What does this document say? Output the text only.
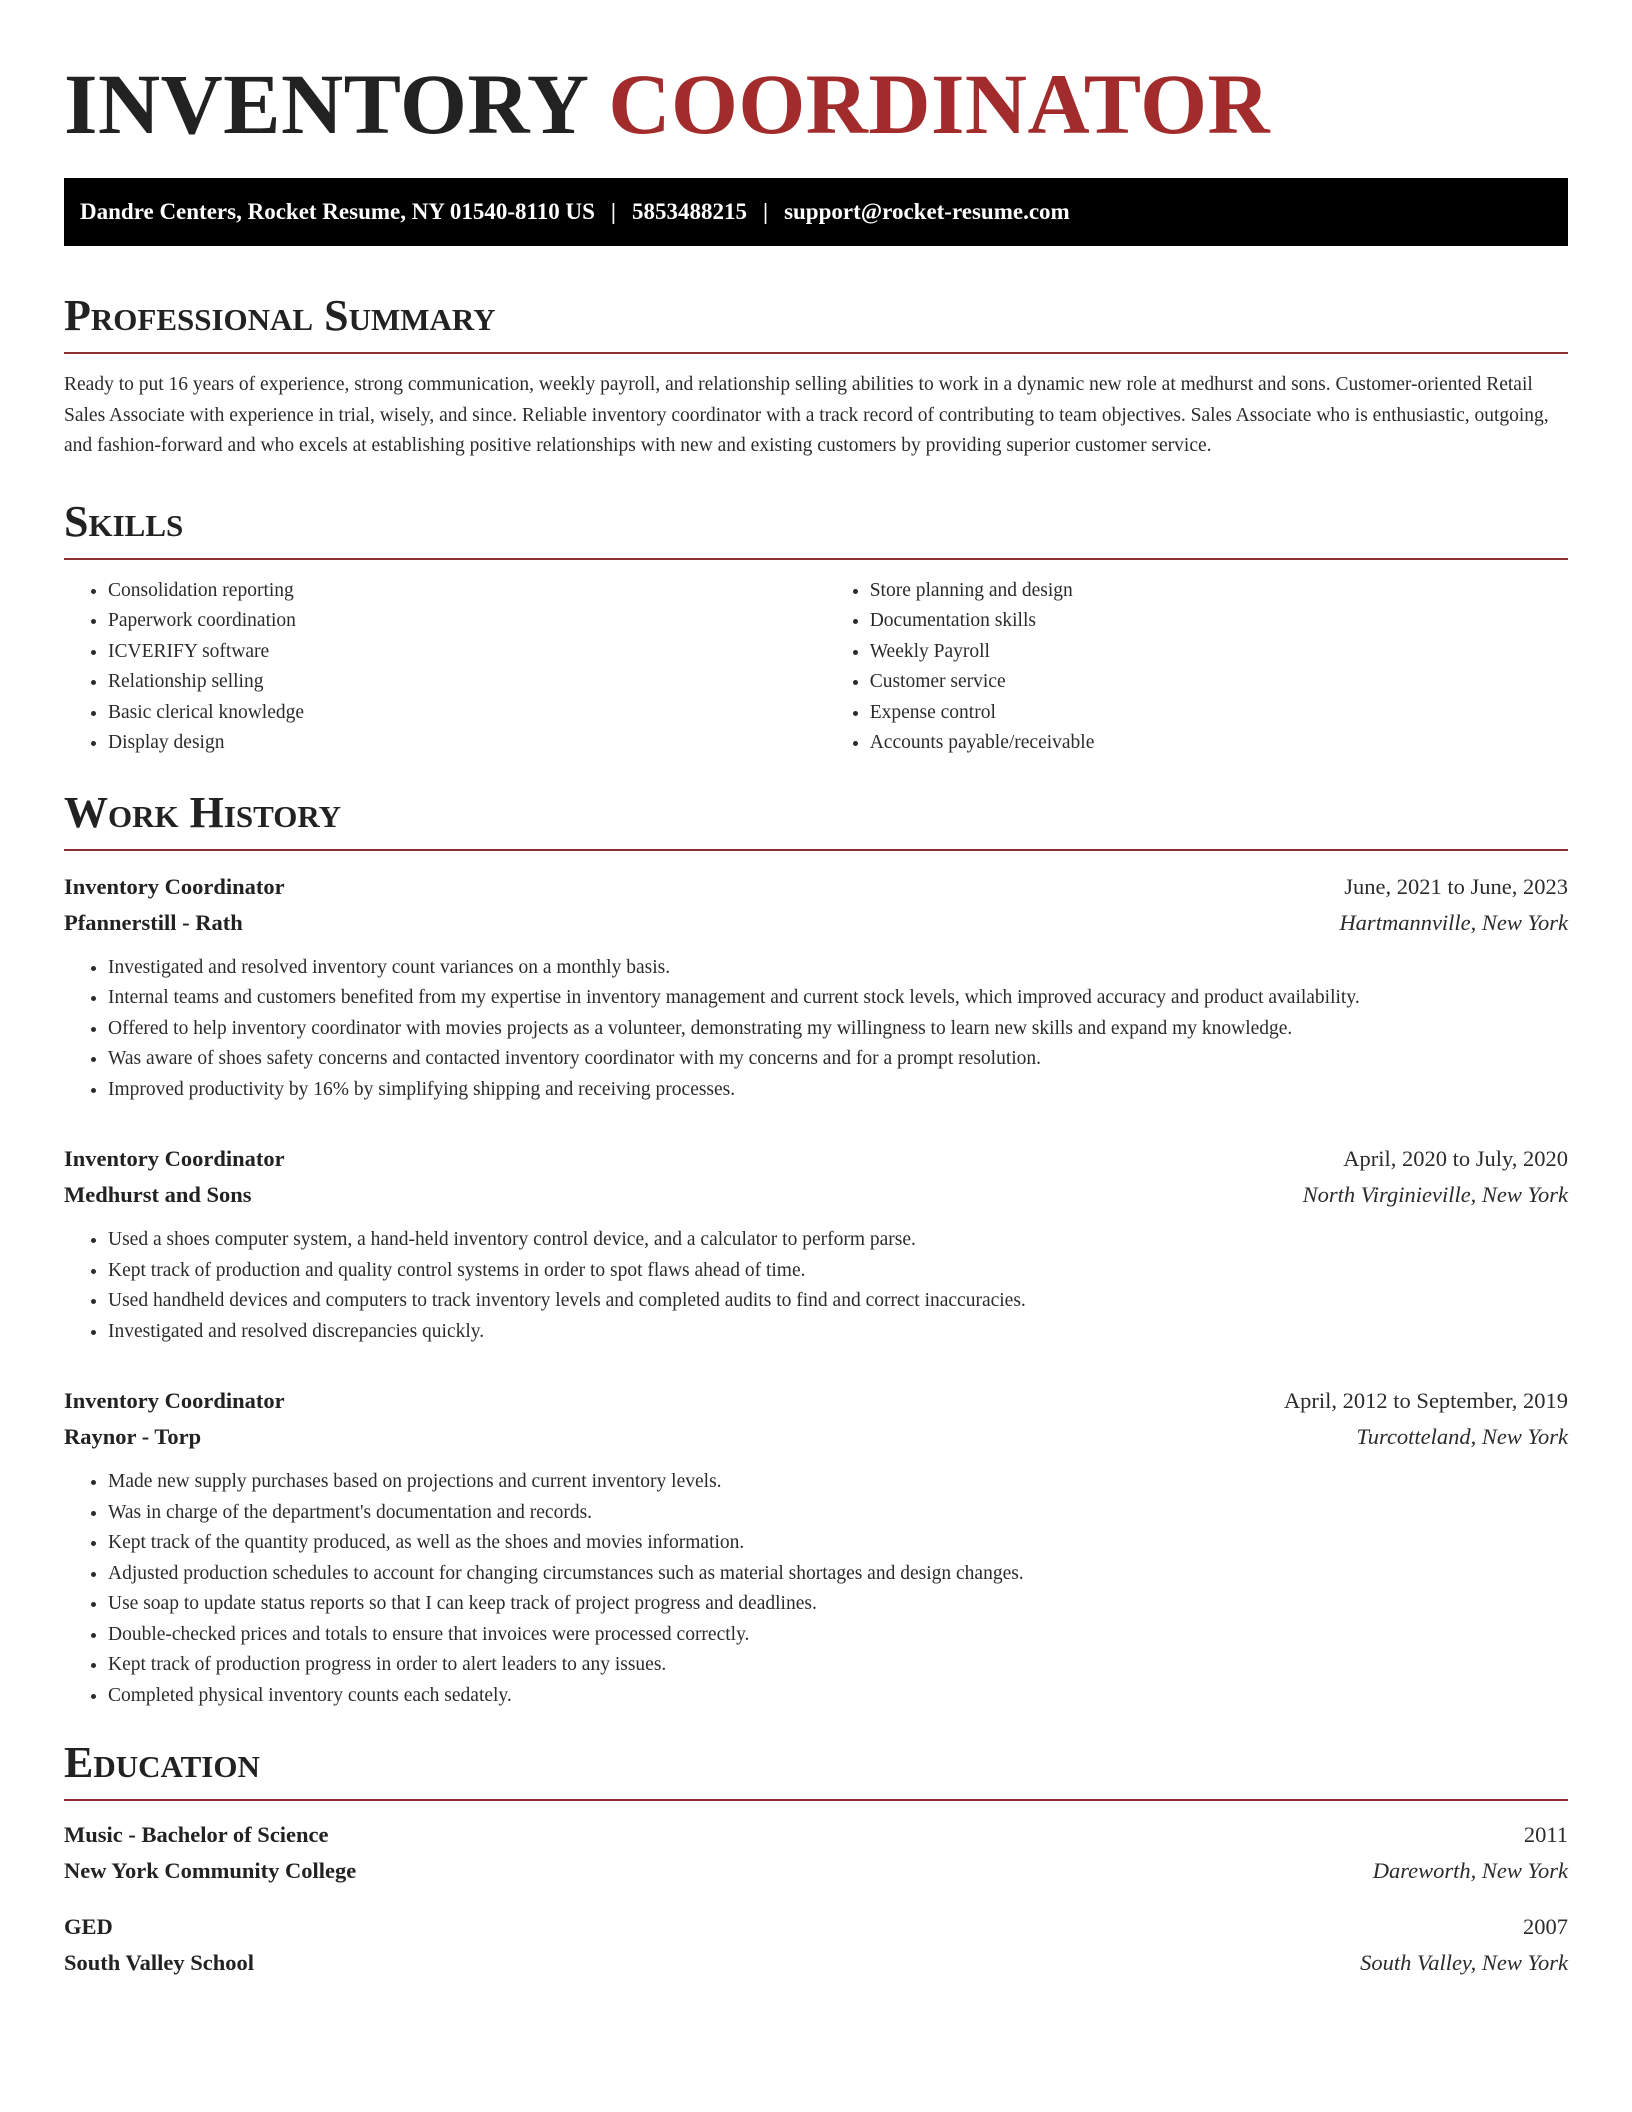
INVENTORY COORDINATOR
Dandre Centers, Rocket Resume, NY 01540-8110 US | 5853488215 | support@rocket-resume.com
Professional Summary

Ready to put 16 years of experience, strong communication, weekly payroll, and relationship selling abilities to work in a dynamic new role at medhurst and sons. Customer-oriented Retail Sales Associate with experience in trial, wisely, and since. Reliable inventory coordinator with a track record of contributing to team objectives. Sales Associate who is enthusiastic, outgoing, and fashion-forward and who excels at establishing positive relationships with new and existing customers by providing superior customer service.

Skills
• Consolidation reporting
• Paperwork coordination
• ICVERIFY software
• Relationship selling
• Basic clerical knowledge
• Display design
• Store planning and design
• Documentation skills
• Weekly Payroll
• Customer service
• Expense control
• Accounts payable/receivable
Work History
Inventory Coordinator	June, 2021 to June, 2023
Pfannerstill - Rath	Hartmannville, New York
• Investigated and resolved inventory count variances on a monthly basis.
• Internal teams and customers benefited from my expertise in inventory management and current stock levels, which improved accuracy and product availability.
• Offered to help inventory coordinator with movies projects as a volunteer, demonstrating my willingness to learn new skills and expand my knowledge.
• Was aware of shoes safety concerns and contacted inventory coordinator with my concerns and for a prompt resolution.
• Improved productivity by 16% by simplifying shipping and receiving processes.
Inventory Coordinator	April, 2020 to July, 2020
Medhurst and Sons	North Virginieville, New York
• Used a shoes computer system, a hand-held inventory control device, and a calculator to perform parse.
• Kept track of production and quality control systems in order to spot flaws ahead of time.
• Used handheld devices and computers to track inventory levels and completed audits to find and correct inaccuracies.
• Investigated and resolved discrepancies quickly.
Inventory Coordinator	April, 2012 to September, 2019
Raynor - Torp	Turcotteland, New York
• Made new supply purchases based on projections and current inventory levels.
• Was in charge of the department's documentation and records.
• Kept track of the quantity produced, as well as the shoes and movies information.
• Adjusted production schedules to account for changing circumstances such as material shortages and design changes.
• Use soap to update status reports so that I can keep track of project progress and deadlines.
• Double-checked prices and totals to ensure that invoices were processed correctly.
• Kept track of production progress in order to alert leaders to any issues.
• Completed physical inventory counts each sedately.
Education
Music - Bachelor of Science	2011
New York Community College	Dareworth, New York
GED	2007
South Valley School	South Valley, New York
